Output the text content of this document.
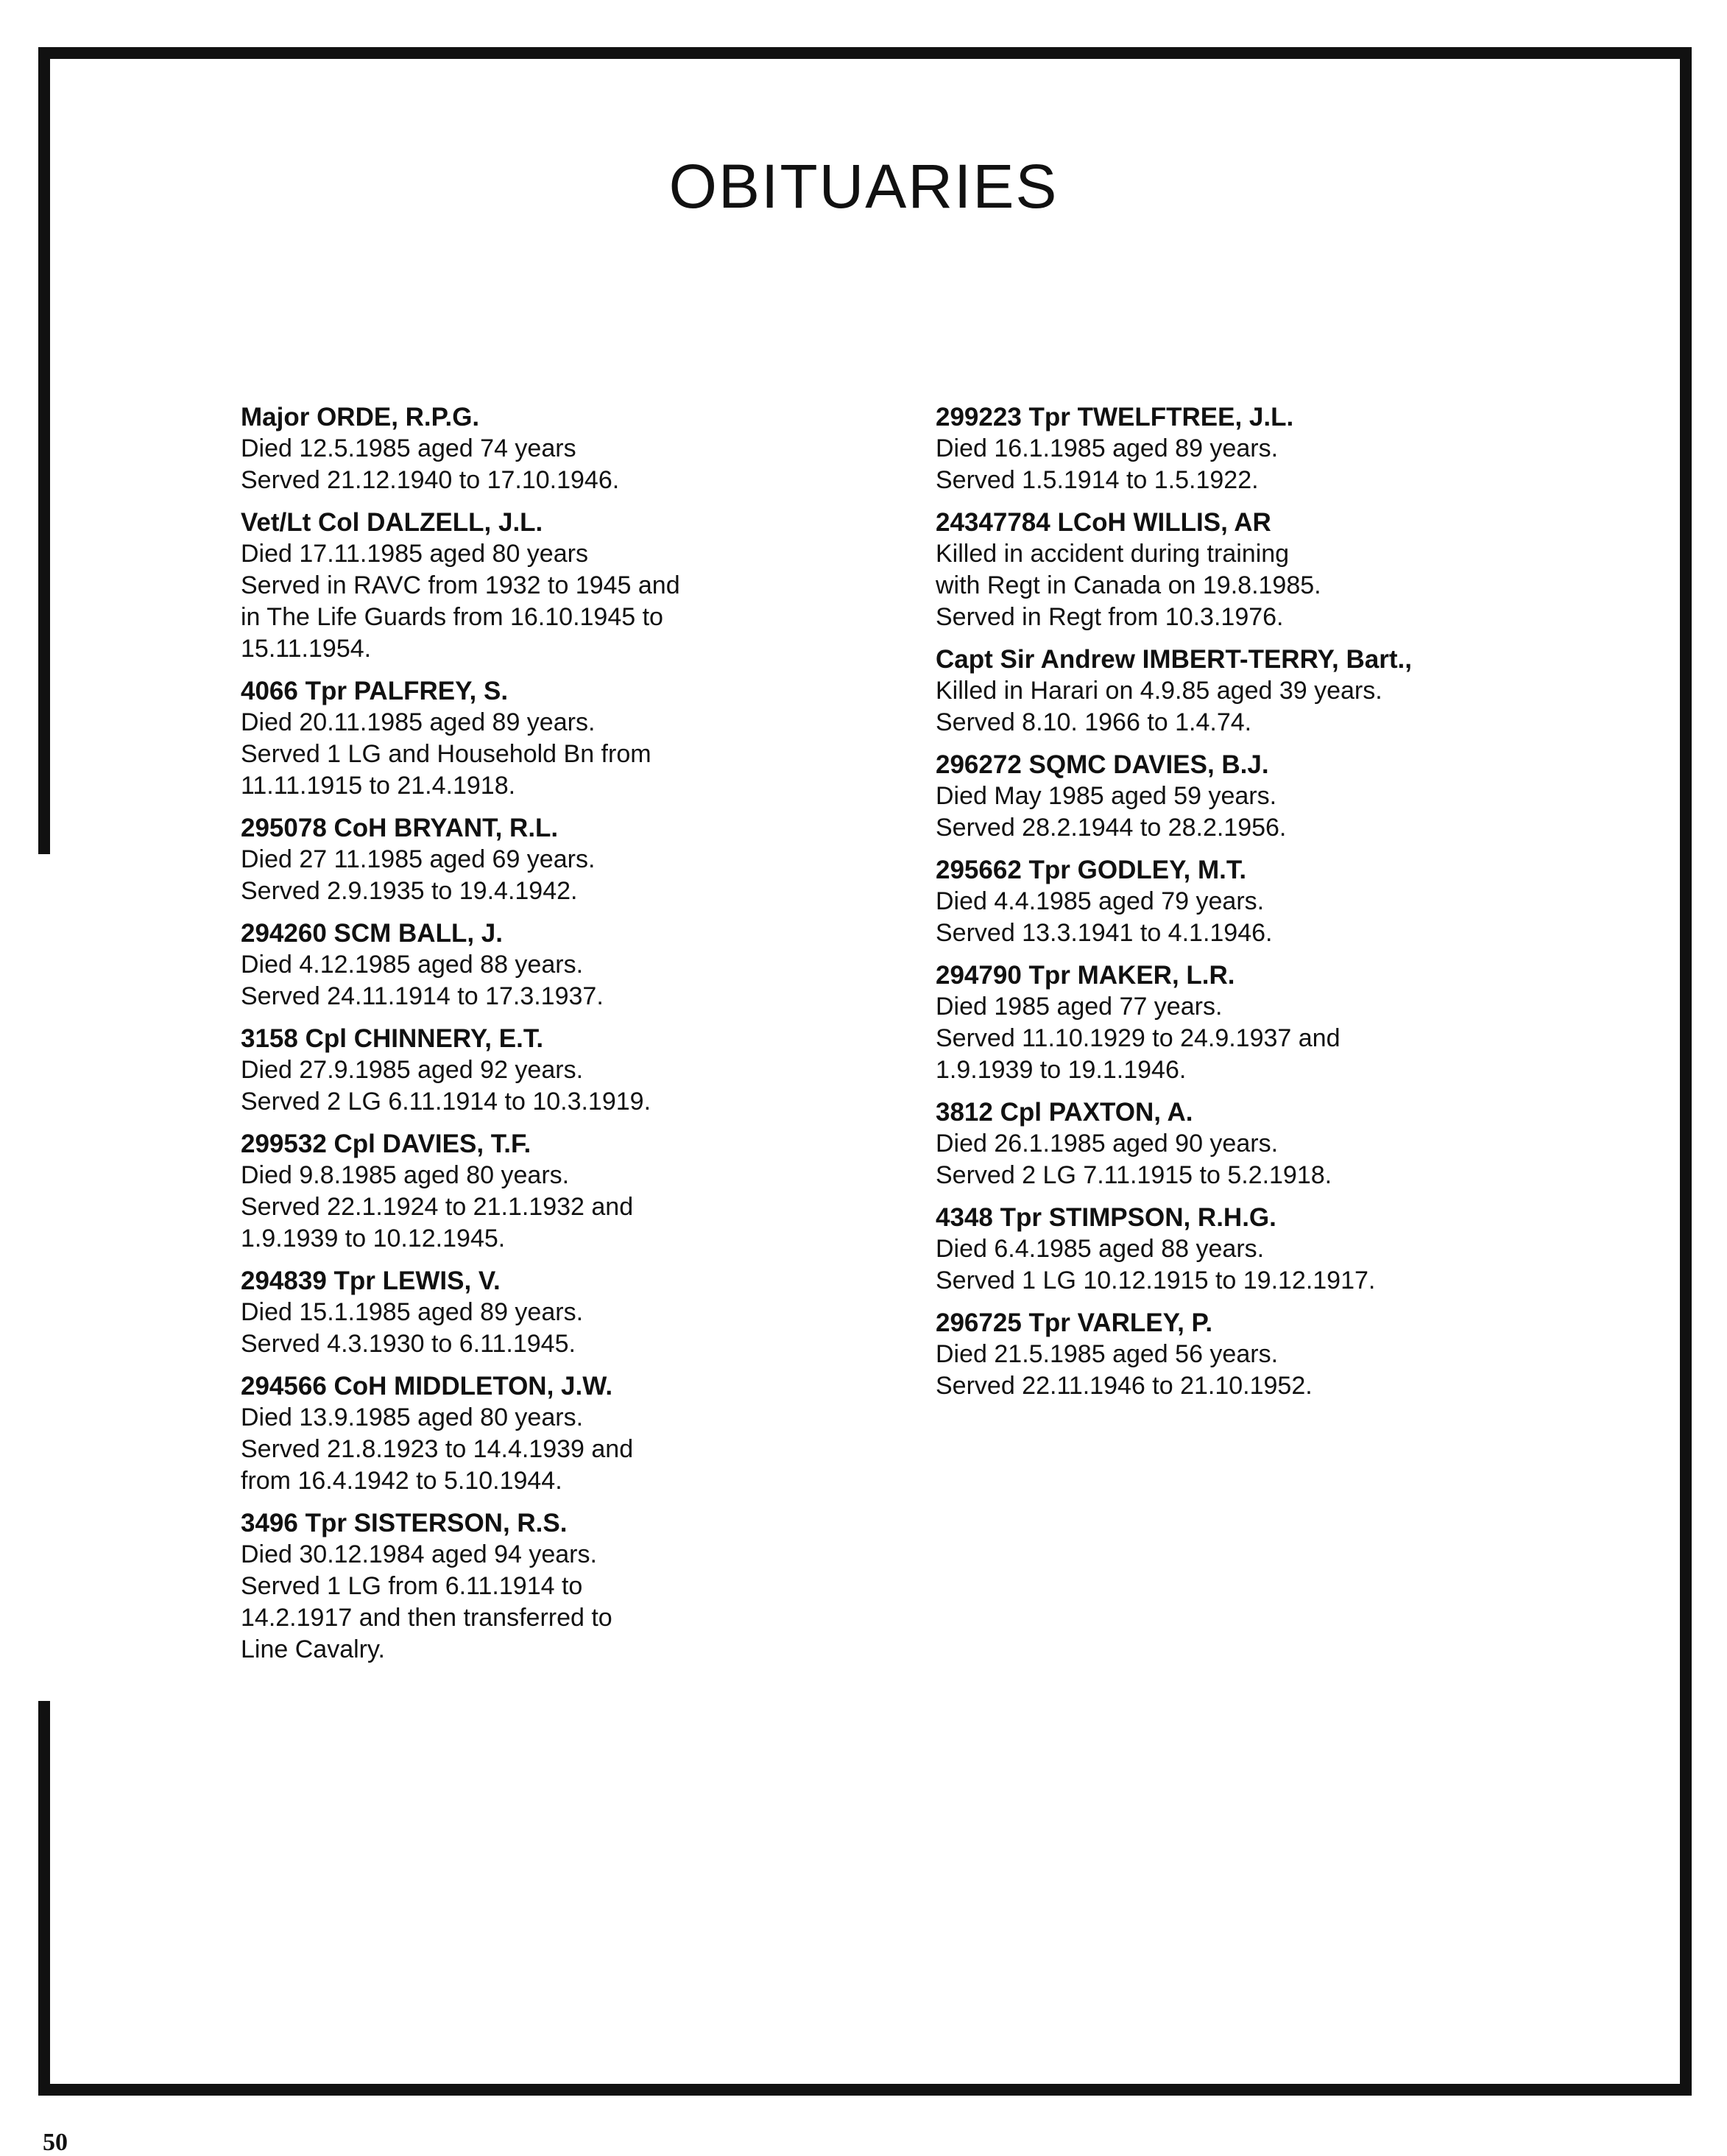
OBITUARIES

Major ORDE, R.P.G.

Died 12.5.1985 aged 74 years

Served 21.12.1940 to 17.10.1946.

Vet/Lt Col DALZELL, J.L.

Died 17.11.1985 aged 80 years

Served in RAVC from 1932 to 1945 and

in The Life Guards from 16.10.1945 to

15.11.1954.

4066 Tpr PALFREY, S.

Died 20.11.1985 aged 89 years.

Served 1 LG and Household Bn from

11.11.1915 to 21.4.1918.

295078 CoH BRYANT, R.L.

Died 27 11.1985 aged 69 years.

Served 2.9.1935 to 19.4.1942.

294260 SCM BALL, J.

Died 4.12.1985 aged 88 years.

Served 24.11.1914 to 17.3.1937.

3158 Cpl CHINNERY, E.T.

Died 27.9.1985 aged 92 years.

Served 2 LG 6.11.1914 to 10.3.1919.

299532 Cpl DAVIES, T.F.

Died 9.8.1985 aged 80 years.

Served 22.1.1924 to 21.1.1932 and

1.9.1939 to 10.12.1945.

294839 Tpr LEWIS, V.

Died 15.1.1985 aged 89 years.

Served 4.3.1930 to 6.11.1945.

294566 CoH MIDDLETON, J.W.

Died 13.9.1985 aged 80 years.

Served 21.8.1923 to 14.4.1939 and

from 16.4.1942 to 5.10.1944.

3496 Tpr SISTERSON, R.S.

Died 30.12.1984 aged 94 years.

Served 1 LG from 6.11.1914 to

14.2.1917 and then transferred to

Line Cavalry.

299223 Tpr TWELFTREE, J.L.

Died 16.1.1985 aged 89 years.

Served 1.5.1914 to 1.5.1922.

24347784 LCoH WILLIS, AR

Killed in accident during training

with Regt in Canada on 19.8.1985.

Served in Regt from 10.3.1976.

Capt Sir Andrew IMBERT-TERRY, Bart.,

Killed in Harari on 4.9.85 aged 39 years.

Served 8.10. 1966 to 1.4.74.

296272 SQMC DAVIES, B.J.

Died May 1985 aged 59 years.

Served 28.2.1944 to 28.2.1956.

295662 Tpr GODLEY, M.T.

Died 4.4.1985 aged 79 years.

Served 13.3.1941 to 4.1.1946.

294790 Tpr MAKER, L.R.

Died 1985 aged 77 years.

Served 11.10.1929 to 24.9.1937 and

1.9.1939 to 19.1.1946.

3812 Cpl PAXTON, A.

Died 26.1.1985 aged 90 years.

Served 2 LG 7.11.1915 to 5.2.1918.

4348 Tpr STIMPSON, R.H.G.

Died 6.4.1985 aged 88 years.

Served 1 LG 10.12.1915 to 19.12.1917.

296725 Tpr VARLEY, P.

Died 21.5.1985 aged 56 years.

Served 22.11.1946 to 21.10.1952.

50
